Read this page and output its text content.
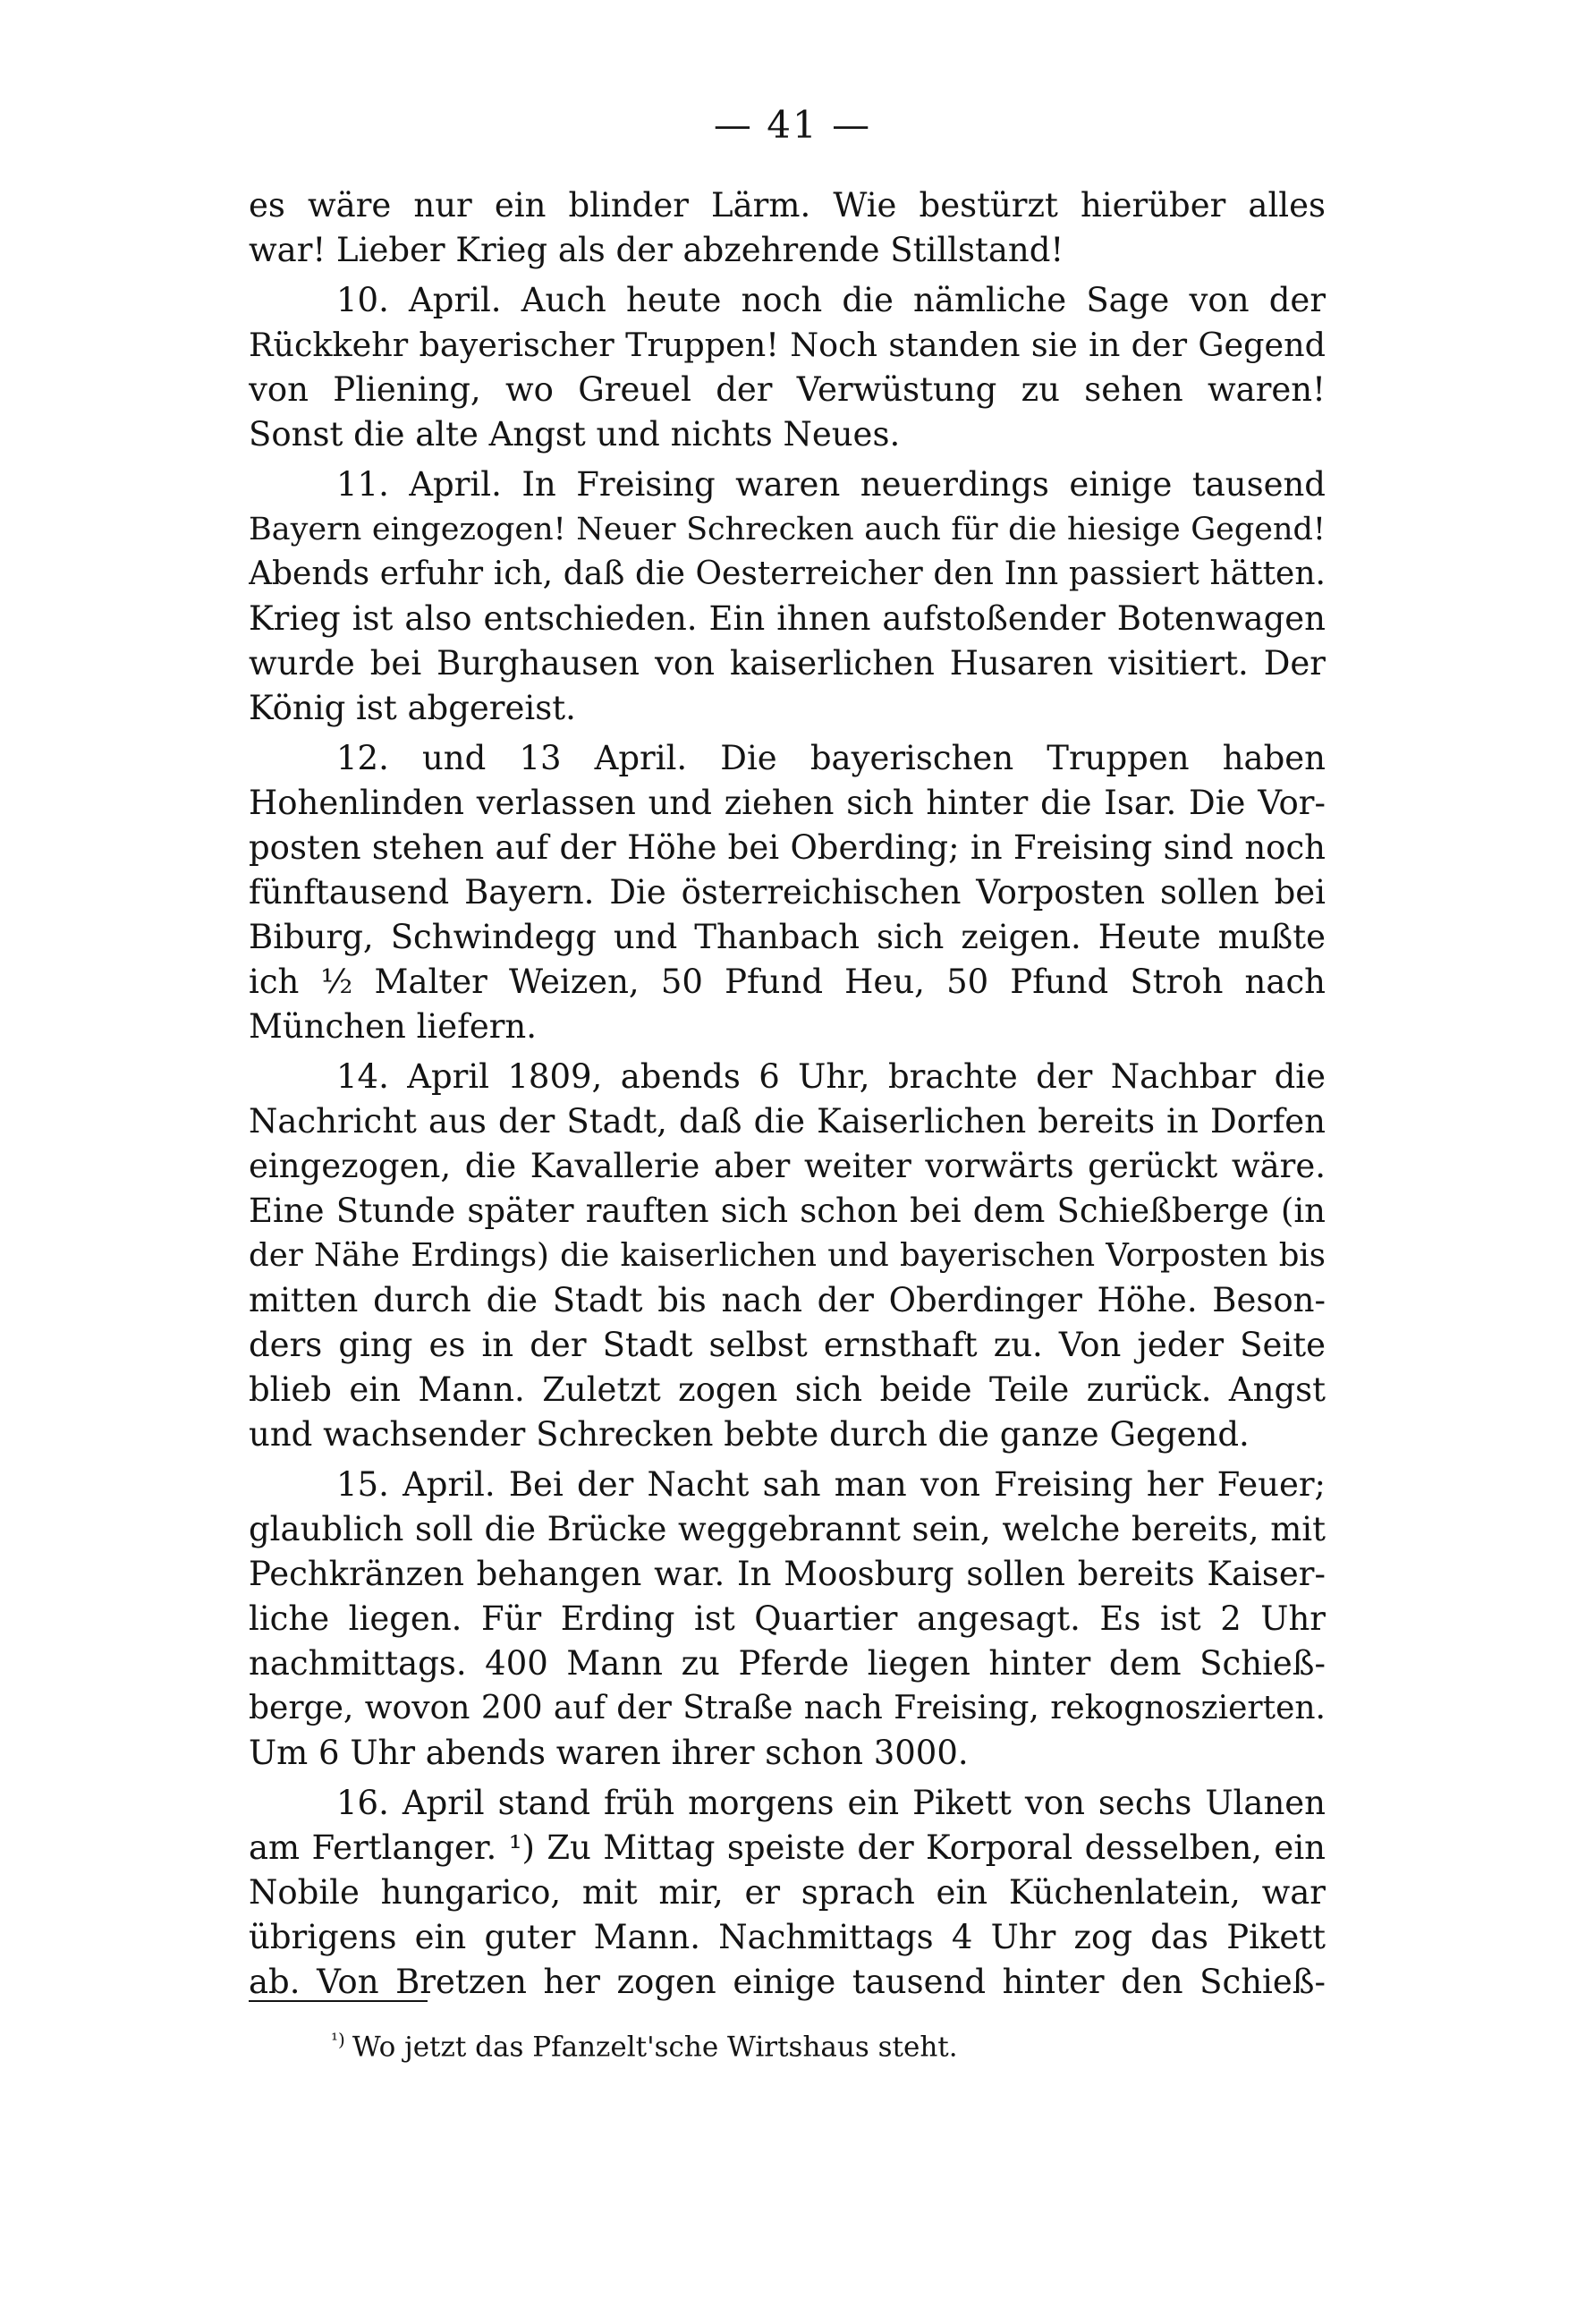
— 41 —
es wäre nur ein blinder Lärm. Wie bestürzt hierüber alles
war! Lieber Krieg als der abzehrende Stillstand!
10. April. Auch heute noch die nämliche Sage von der
Rückkehr bayerischer Truppen! Noch standen sie in der Gegend
von Pliening, wo Greuel der Verwüstung zu sehen waren!
Sonst die alte Angst und nichts Neues.
11. April. In Freising waren neuerdings einige tausend
Bayern eingezogen! Neuer Schrecken auch für die hiesige Gegend!
Abends erfuhr ich, daß die Oesterreicher den Inn passiert hätten.
Krieg ist also entschieden. Ein ihnen aufstoßender Botenwagen
wurde bei Burghausen von kaiserlichen Husaren visitiert. Der
König ist abgereist.
12. und 13 April. Die bayerischen Truppen haben
Hohenlinden verlassen und ziehen sich hinter die Isar. Die Vor-
posten stehen auf der Höhe bei Oberding; in Freising sind noch
fünftausend Bayern. Die österreichischen Vorposten sollen bei
Biburg, Schwindegg und Thanbach sich zeigen. Heute mußte
ich ½ Malter Weizen, 50 Pfund Heu, 50 Pfund Stroh nach
München liefern.
14. April 1809, abends 6 Uhr, brachte der Nachbar die
Nachricht aus der Stadt, daß die Kaiserlichen bereits in Dorfen
eingezogen, die Kavallerie aber weiter vorwärts gerückt wäre.
Eine Stunde später rauften sich schon bei dem Schießberge (in
der Nähe Erdings) die kaiserlichen und bayerischen Vorposten bis
mitten durch die Stadt bis nach der Oberdinger Höhe. Beson-
ders ging es in der Stadt selbst ernsthaft zu. Von jeder Seite
blieb ein Mann. Zuletzt zogen sich beide Teile zurück. Angst
und wachsender Schrecken bebte durch die ganze Gegend.
15. April. Bei der Nacht sah man von Freising her Feuer;
glaublich soll die Brücke weggebrannt sein, welche bereits, mit
Pechkränzen behangen war. In Moosburg sollen bereits Kaiser-
liche liegen. Für Erding ist Quartier angesagt. Es ist 2 Uhr
nachmittags. 400 Mann zu Pferde liegen hinter dem Schieß-
berge, wovon 200 auf der Straße nach Freising, rekognoszierten.
Um 6 Uhr abends waren ihrer schon 3000.
16. April stand früh morgens ein Pikett von sechs Ulanen
am Fertlanger. ¹) Zu Mittag speiste der Korporal desselben, ein
Nobile hungarico, mit mir, er sprach ein Küchenlatein, war
übrigens ein guter Mann. Nachmittags 4 Uhr zog das Pikett
ab. Von Bretzen her zogen einige tausend hinter den Schieß-
$^{^1)}$ Wo jetzt das Pfanzelt'sche Wirtshaus steht.
